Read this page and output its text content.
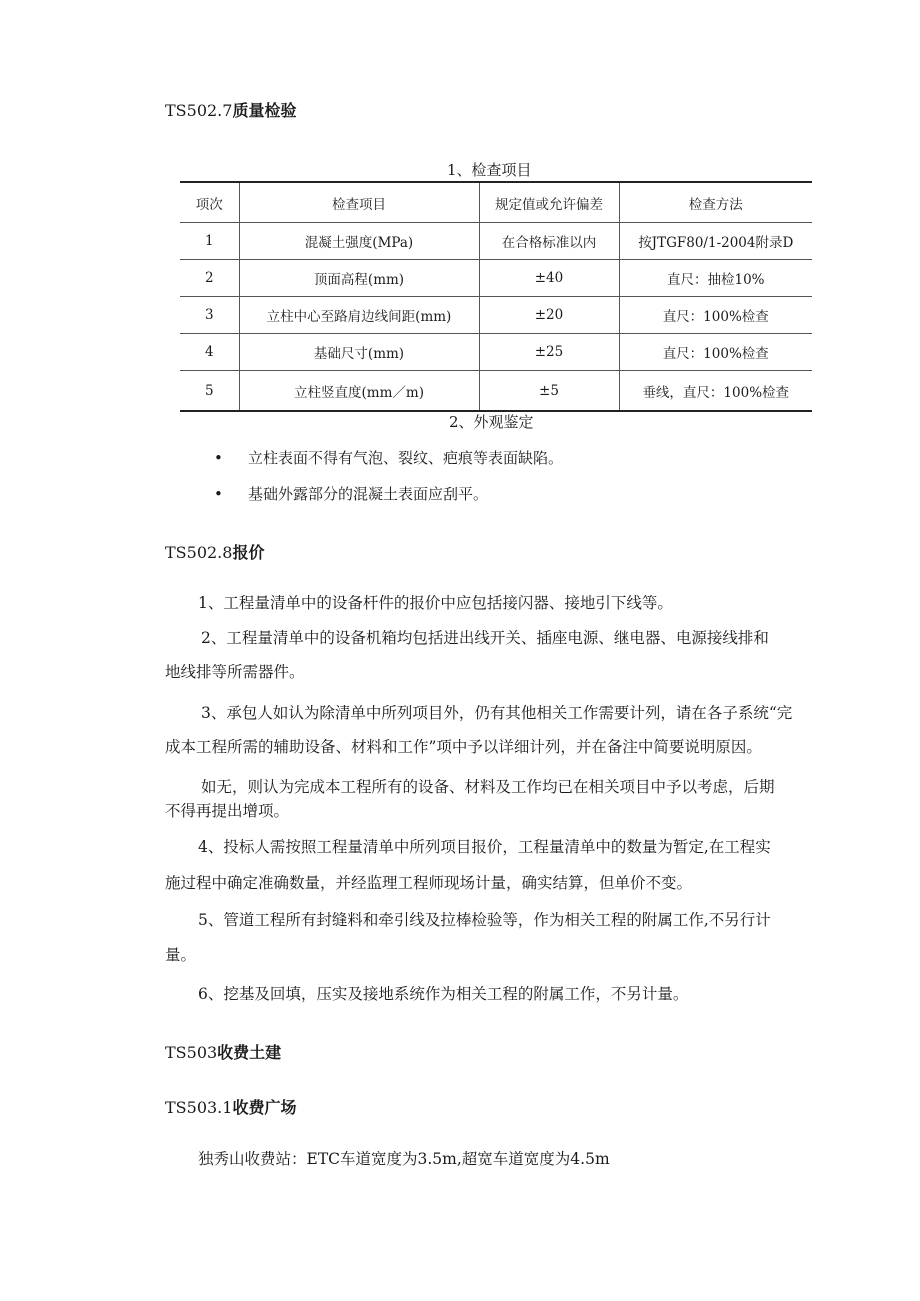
TS502.7质量检验
1、检查项目
项次	检查项目	规定值或允许偏差	检查方法
1	混凝土强度(MPa)	在合格标准以内	按JTGF80/1-2004附录D
2	顶面高程(mm)	±40	直尺：抽检10%
3	立柱中心至路肩边线间距(mm)	±20	直尺：100%检查
4	基础尺寸(mm)	±25	直尺：100%检查
5	立柱竖直度(mm／m)	±5	垂线，直尺：100%检查
2、外观鉴定
• 立柱表面不得有气泡、裂纹、疤痕等表面缺陷。
• 基础外露部分的混凝土表面应刮平。
TS502.8报价
1、工程量清单中的设备杆件的报价中应包括接闪器、接地引下线等。
2、工程量清单中的设备机箱均包括进出线开关、插座电源、继电器、电源接线排和
地线排等所需器件。
3、承包人如认为除清单中所列项目外，仍有其他相关工作需要计列，请在各子系统“完
成本工程所需的辅助设备、材料和工作”项中予以详细计列，并在备注中简要说明原因。
如无，则认为完成本工程所有的设备、材料及工作均已在相关项目中予以考虑，后期
不得再提出增项。
4、投标人需按照工程量清单中所列项目报价，工程量清单中的数量为暂定,在工程实
施过程中确定准确数量，并经监理工程师现场计量，确实结算，但单价不变。
5、管道工程所有封缝料和牵引线及拉棒检验等，作为相关工程的附属工作,不另行计
量。
6、挖基及回填，压实及接地系统作为相关工程的附属工作，不另计量。
TS503收费土建
TS503.1收费广场
独秀山收费站：ETC车道宽度为3.5m,超宽车道宽度为4.5m
